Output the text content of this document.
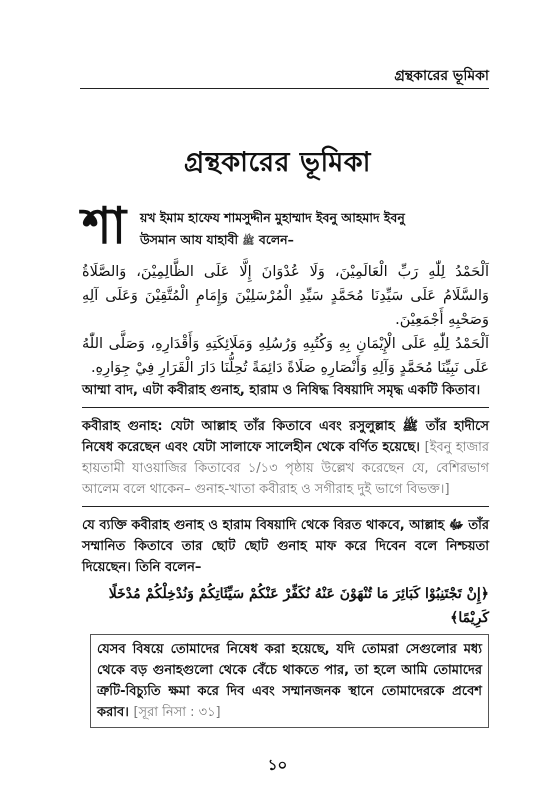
গ্রন্থকারের ভূমিকা
গ্রন্থকারের ভূমিকা
শা য়খ ইমাম হাফেয শামসুদ্দীন মুহাম্মাদ ইবনু আহমাদ ইবনু
উসমান আয যাহাবী ﷺ বলেন–

اَلْحَمْدُ لِلّٰهِ رَبِّ الْعَالَمِيْنَ، وَلَا عُدْوَانَ إِلَّا عَلَى الظَّالِمِيْنَ، وَالصَّلَاةُ وَالسَّلَامُ عَلَى سَيِّدِنَا مُحَمَّدٍ سَيِّدِ الْمُرْسَلِيْنَ وَإِمَامِ الْمُتَّقِيْنَ وَعَلَى آلِهِ وَصَحْبِهِ أَجْمَعِيْنَ.

اَلْحَمْدُ لِلّٰهِ عَلَى الْإِيْمَانِ بِهِ وَكُتُبِهِ وَرُسُلِهِ وَمَلَائِكَتِهِ وَأَقْدَارِهِ، وَصَلَّى اللّٰهُ عَلَى نَبِيِّنَا مُحَمَّدٍ وَآلِهِ وَأَنْصَارِهِ صَلَاةً دَائِمَةً تُحِلُّنَا دَارَ الْقَرَارِ فِيْ جِوَارِهِ.

আম্মা বাদ, এটা কবীরাহ গুনাহ, হারাম ও নিষিদ্ধ বিষয়াদি সমৃদ্ধ একটি কিতাব।

কবীরাহ গুনাহ: যেটা আল্লাহ তাঁর কিতাবে এবং রসুলুল্লাহ ﷺ তাঁর হাদীসে নিষেধ করেছেন এবং যেটা সালাফে সালেহীন থেকে বর্ণিত হয়েছে। [ইবনু হাজার হায়তামী যাওয়াজির কিতাবের ১/১৩ পৃষ্ঠায় উল্লেখ করেছেন যে, বেশিরভাগ আলেম বলে থাকেন– গুনাহ-খাতা কবীরাহ ও সগীরাহ দুই ভাগে বিভক্ত।]

যে ব্যক্তি কবীরাহ গুনাহ ও হারাম বিষয়াদি থেকে বিরত থাকবে, আল্লাহ ﷻ তাঁর সম্মানিত কিতাবে তার ছোট ছোট গুনাহ মাফ করে দিবেন বলে নিশ্চয়তা দিয়েছেন। তিনি বলেন–

﴿إِنْ تَجْتَنِبُوْا كَبَائِرَ مَا تُنْهَوْنَ عَنْهُ نُكَفِّرْ عَنْكُمْ سَيِّئَاتِكُمْ وَنُدْخِلْكُمْ مُدْخَلًا كَرِيْمًا﴾

যেসব বিষয়ে তোমাদের নিষেধ করা হয়েছে, যদি তোমরা সেগুলোর মধ্য থেকে বড় গুনাহগুলো থেকে বেঁচে থাকতে পার, তা হলে আমি তোমাদের ত্রুটি-বিচ্যুতি ক্ষমা করে দিব এবং সম্মানজনক স্থানে তোমাদেরকে প্রবেশ করাব। [সূরা নিসা : ৩১]
১০
